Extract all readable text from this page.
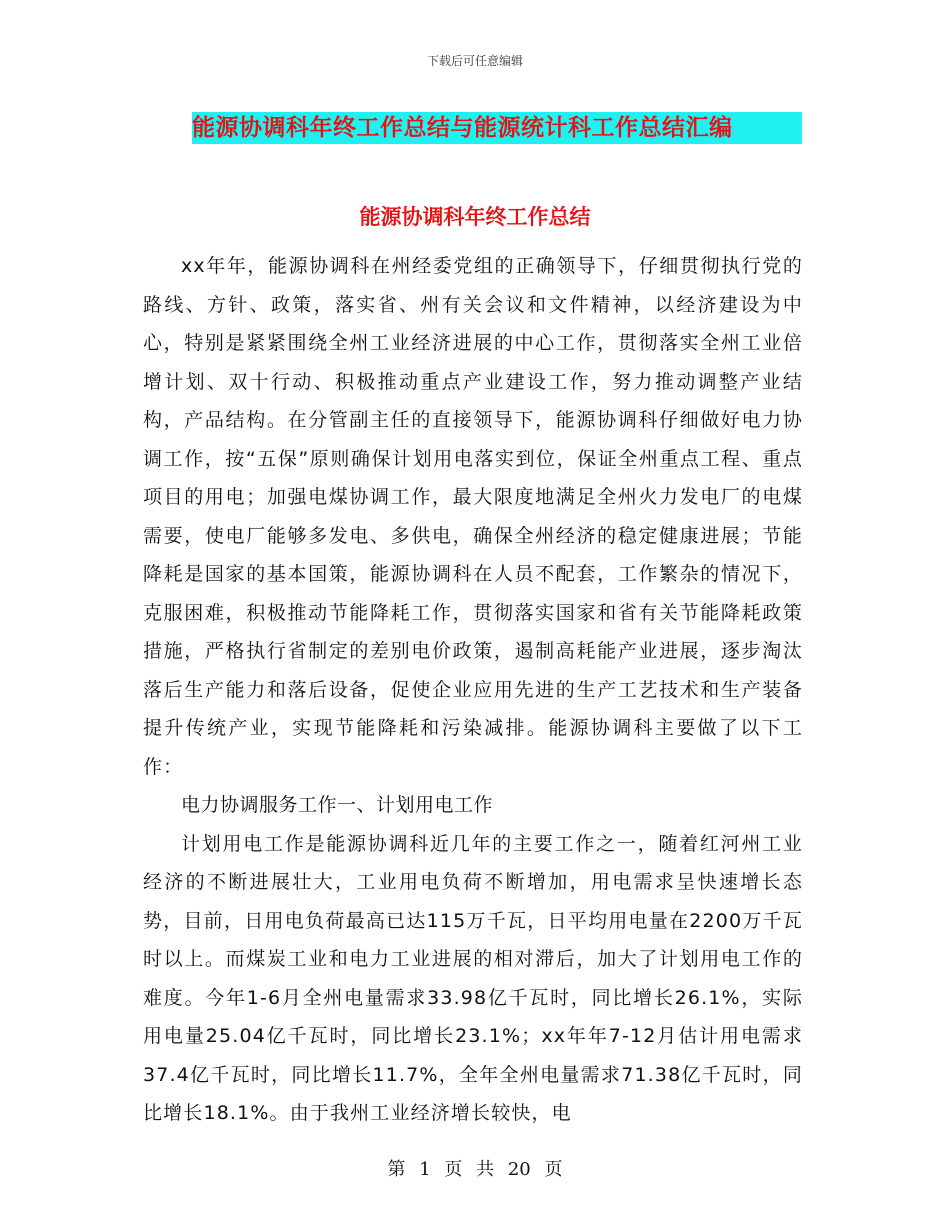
下载后可任意编辑
能源协调科年终工作总结与能源统计科工作总结汇编
能源协调科年终工作总结

xx年年，能源协调科在州经委党组的正确领导下，仔细贯彻执行党的路线、方针、政策，落实省、州有关会议和文件精神，以经济建设为中心，特别是紧紧围绕全州工业经济进展的中心工作，贯彻落实全州工业倍增计划、双十行动、积极推动重点产业建设工作，努力推动调整产业结构，产品结构。在分管副主任的直接领导下，能源协调科仔细做好电力协调工作，按“五保”原则确保计划用电落实到位，保证全州重点工程、重点项目的用电；加强电煤协调工作，最大限度地满足全州火力发电厂的电煤需要，使电厂能够多发电、多供电，确保全州经济的稳定健康进展；节能降耗是国家的基本国策，能源协调科在人员不配套，工作繁杂的情况下，克服困难，积极推动节能降耗工作，贯彻落实国家和省有关节能降耗政策措施，严格执行省制定的差别电价政策，遏制高耗能产业进展，逐步淘汰落后生产能力和落后设备，促使企业应用先进的生产工艺技术和生产装备提升传统产业，实现节能降耗和污染减排。能源协调科主要做了以下工作：

电力协调服务工作一、计划用电工作

计划用电工作是能源协调科近几年的主要工作之一，随着红河州工业经济的不断进展壮大，工业用电负荷不断增加，用电需求呈快速增长态势，目前，日用电负荷最高已达115万千瓦，日平均用电量在2200万千瓦时以上。而煤炭工业和电力工业进展的相对滞后，加大了计划用电工作的难度。今年1-6月全州电量需求33.98亿千瓦时，同比增长26.1%，实际用电量25.04亿千瓦时，同比增长23.1%；xx年年7-12月估计用电需求37.4亿千瓦时，同比增长11.7%，全年全州电量需求71.38亿千瓦时，同比增长18.1%。由于我州工业经济增长较快，电

第 1 页 共 20 页
